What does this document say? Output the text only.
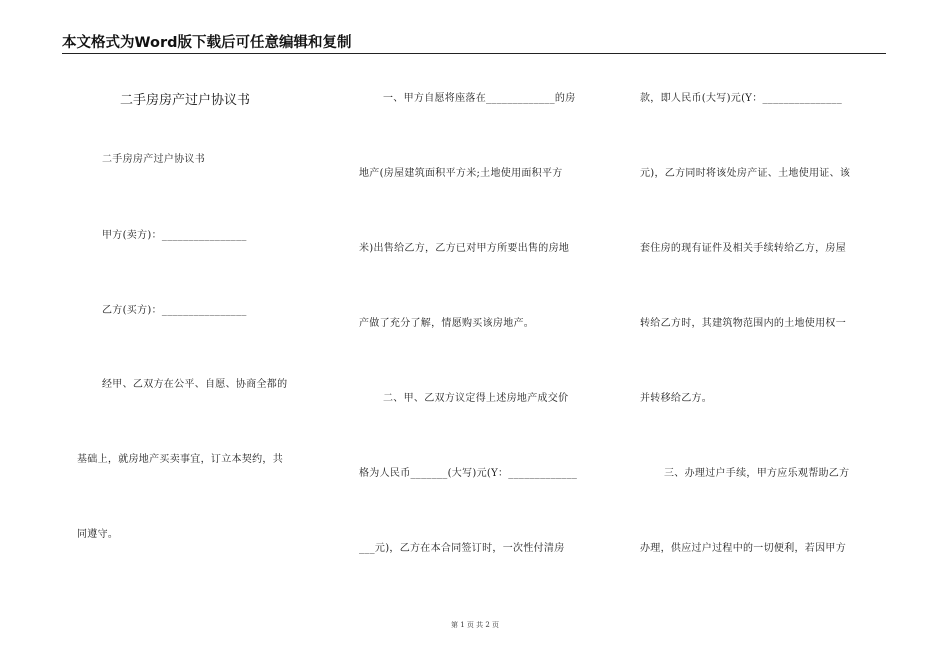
本文格式为Word版下载后可任意编辑和复制
二手房房产过户协议书
二手房房产过户协议书
甲方(卖方)：________________
乙方(买方)：________________
经甲、乙双方在公平、自愿、协商全都的
基础上，就房地产买卖事宜，订立本契约，共
同遵守。
一、甲方自愿将座落在_____________的房
地产(房屋建筑面积平方米;土地使用面积平方
米)出售给乙方，乙方已对甲方所要出售的房地
产做了充分了解，情愿购买该房地产。
二、甲、乙双方议定得上述房地产成交价
格为人民币_______(大写)元(Y：_____________
___元)，乙方在本合同签订时，一次性付清房
款，即人民币(大写)元(Y：_______________
元)，乙方同时将该处房产证、土地使用证、该
套住房的现有证件及相关手续转给乙方，房屋
转给乙方时，其建筑物范围内的土地使用权一
并转移给乙方。
三、办理过户手续，甲方应乐观帮助乙方
办理，供应过户过程中的一切便利，若因甲方
第 1 页 共 2 页
